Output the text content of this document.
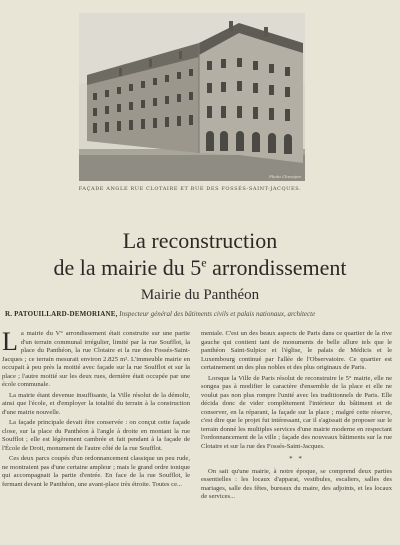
Photo Chevojon
FAÇADE ANGLE RUE CLOTAIRE ET RUE DES FOSSÉS-SAINT-JACQUES.
La reconstruction
de la mairie du 5e arrondissement
Mairie du Panthéon
R. PATOUILLARD-DEMORIANE, Inspecteur général des bâtiments civils et palais nationaux, architecte
L a mairie du V° arrondissement était construite sur une partie d'un terrain communal irrégulier, limité par la rue Soufflot, la place du Panthéon, la rue Clotaire et la rue des Fossés-Saint-Jacques ; ce terrain mesurait environ 2.825 m². L'immeuble mairie en occupait à peu près la moitié avec façade sur la rue Soufflot et sur la place ; l'autre moitié sur les deux rues, dernière était occupée par une école communale.

La mairie étant devenue insuffisante, la Ville résolut de la démolir, ainsi que l'école, et d'employer la totalité du terrain à la construction d'une mairie nouvelle.

La façade principale devait être conservée : on conçut cette façade close, sur la place du Panthéon à l'angle à droite en montant la rue Soufflot ; elle est légèrement cambrée et fait pendant à la façade de l'École de Droit, monument de l'autre côté de la rue Soufflot.

Ces deux parcs coupés d'un ordonnancement classique un peu rude, ne montraient pas d'une certaine ampleur ; mais le grand ordre ionique qui accompagnait la partie d'entrée. En face de la rue Soufflot, le fermant devant le Panthéon, une avant-place très étroite. Toutes ce...

mentale. C'est un des beaux aspects de Paris dans ce quartier de la rive gauche qui contient tant de monuments de belle allure tels que le panthéon Saint-Sulpice et l'église, le palais de Médicis et le Luxembourg continué par l'allée de l'Observatoire. Ce quartier est certainement un des plus nobles et des plus originaux de Paris.

Lorsque la Ville de Paris résolut de reconstruire le 5° mairie, elle ne songea pas à modifier le caractère d'ensemble de la place et elle ne voulut pas non plus rompre l'unité avec les traditionnels de Paris. Elle décida donc de vider complètement l'intérieur du bâtiment et de conserver, en la réparant, la façade sur la place ; malgré cette réserve, c'est dire que le projet fut intéressant, car il s'agissait de proposer sur le terrain donné les multiples services d'une mairie moderne en respectant l'ordonnancement de la ville ; façade des nouveaux bâtiments sur la rue Clotaire et sur la rue des Fossés-Saint-Jacques.

* *

On sait qu'une mairie, à notre époque, se comprend deux parties essentielles : les locaux d'apparat, vestibules, escaliers, salles des mariages, salle des fêtes, bureaux du maire, des adjoints, et les locaux de services...
